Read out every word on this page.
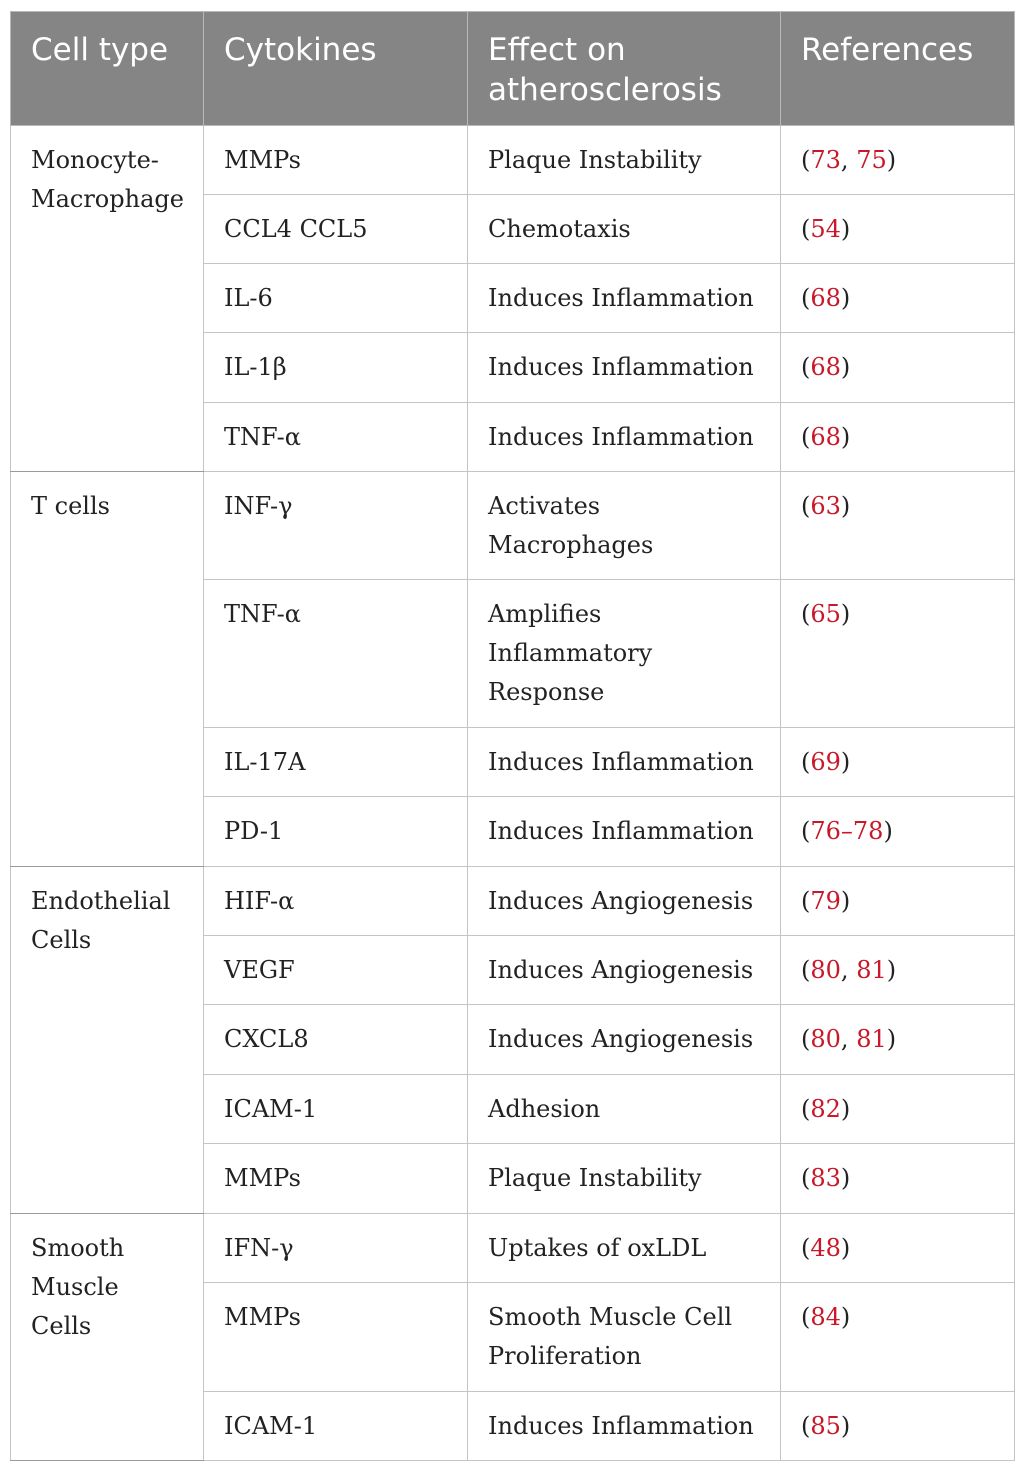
Cell type	Cytokines	Effect on atherosclerosis	References
Monocyte-Macrophage	MMPs	Plaque Instability	(73, 75)
	CCL4 CCL5	Chemotaxis	(54)
	IL-6	Induces Inflammation	(68)
	IL-1β	Induces Inflammation	(68)
	TNF-α	Induces Inflammation	(68)
T cells	INF-γ	Activates Macrophages	(63)
	TNF-α	Amplifies Inflammatory Response	(65)
	IL-17A	Induces Inflammation	(69)
	PD-1	Induces Inflammation	(76–78)
Endothelial Cells	HIF-α	Induces Angiogenesis	(79)
	VEGF	Induces Angiogenesis	(80, 81)
	CXCL8	Induces Angiogenesis	(80, 81)
	ICAM-1	Adhesion	(82)
	MMPs	Plaque Instability	(83)
Smooth Muscle Cells	IFN-γ	Uptakes of oxLDL	(48)
	MMPs	Smooth Muscle Cell Proliferation	(84)
	ICAM-1	Induces Inflammation	(85)
